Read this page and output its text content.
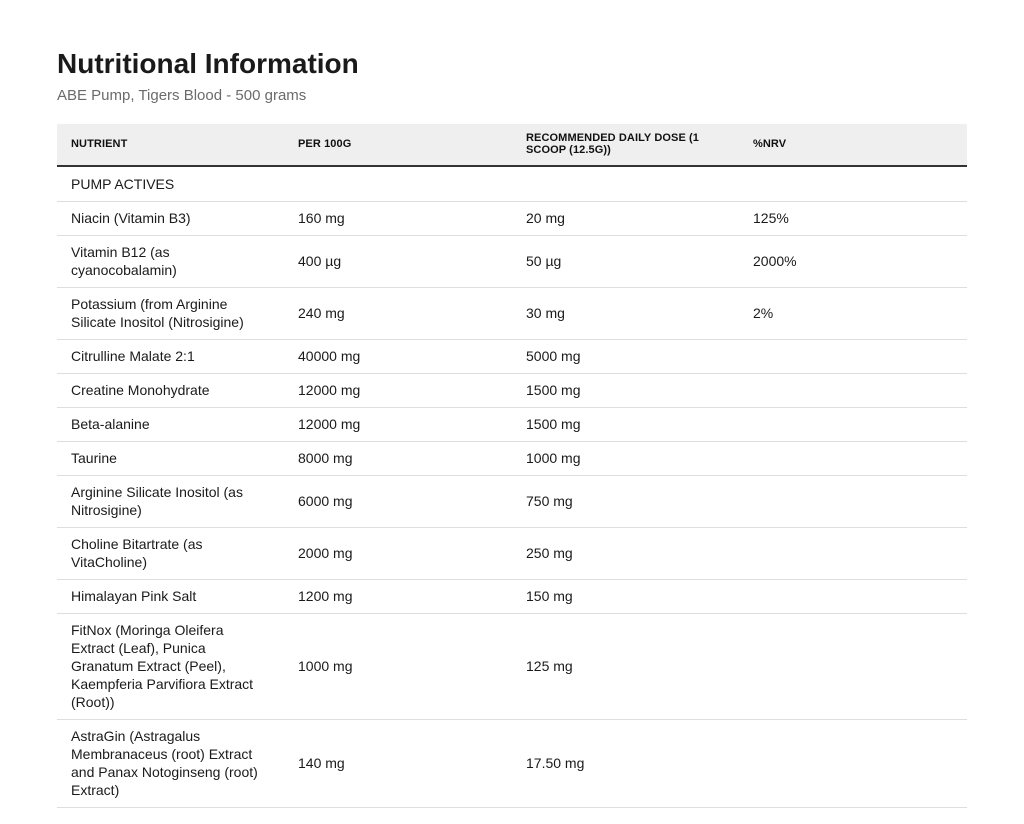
Nutritional Information
ABE Pump, Tigers Blood - 500 grams
NUTRIENT	PER 100G	RECOMMENDED DAILY DOSE (1 SCOOP (12.5G))	%NRV
PUMP ACTIVES			
Niacin (Vitamin B3)	160 mg	20 mg	125%
Vitamin B12 (as cyanocobalamin)	400 µg	50 µg	2000%
Potassium (from Arginine Silicate Inositol (Nitrosigine)	240 mg	30 mg	2%
Citrulline Malate 2:1	40000 mg	5000 mg	
Creatine Monohydrate	12000 mg	1500 mg	
Beta-alanine	12000 mg	1500 mg	
Taurine	8000 mg	1000 mg	
Arginine Silicate Inositol (as Nitrosigine)	6000 mg	750 mg	
Choline Bitartrate (as VitaCholine)	2000 mg	250 mg	
Himalayan Pink Salt	1200 mg	150 mg	
FitNox (Moringa Oleifera Extract (Leaf), Punica Granatum Extract (Peel), Kaempferia Parvifiora Extract (Root))	1000 mg	125 mg	
AstraGin (Astragalus Membranaceus (root) Extract and Panax Notoginseng (root) Extract)	140 mg	17.50 mg	
